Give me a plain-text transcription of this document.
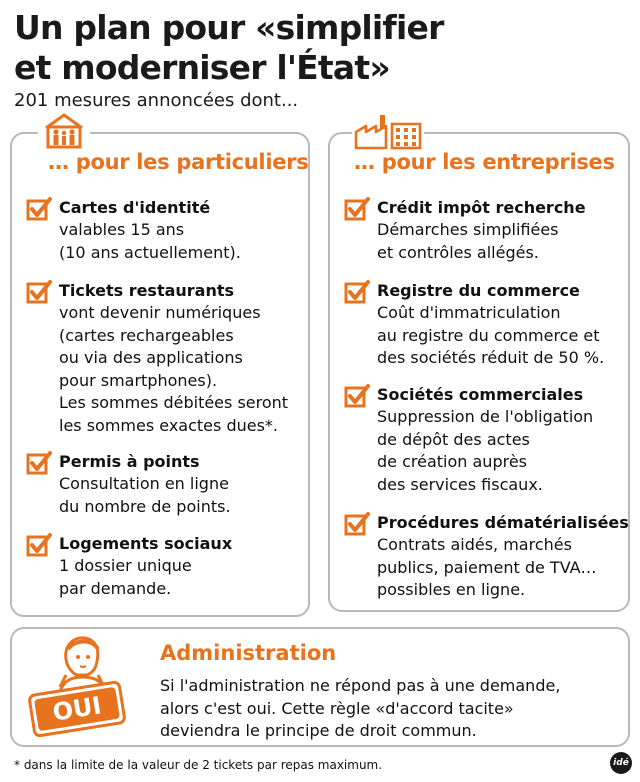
Un plan pour «simplifier
et moderniser l'État»
201 mesures annoncées dont...
… pour les particuliers
Cartes d'identité
valables 15 ans
(10 ans actuellement).
Tickets restaurants
vont devenir numériques
(cartes rechargeables
ou via des applications
pour smartphones).
Les sommes débitées seront
les sommes exactes dues*.
Permis à points
Consultation en ligne
du nombre de points.
Logements sociaux
1 dossier unique
par demande.
… pour les entreprises
Crédit impôt recherche
Démarches simplifiées
et contrôles allégés.
Registre du commerce
Coût d'immatriculation
au registre du commerce et
des sociétés réduit de 50 %.
Sociétés commerciales
Suppression de l'obligation
de dépôt des actes
de création auprès
des services fiscaux.
Procédures dématérialisées
Contrats aidés, marchés
publics, paiement de TVA…
possibles en ligne.
OUI
Administration
Si l'administration ne répond pas à une demande,
alors c'est oui. Cette règle «d'accord tacite»
deviendra le principe de droit commun.
* dans la limite de la valeur de 2 tickets par repas maximum.	idé
